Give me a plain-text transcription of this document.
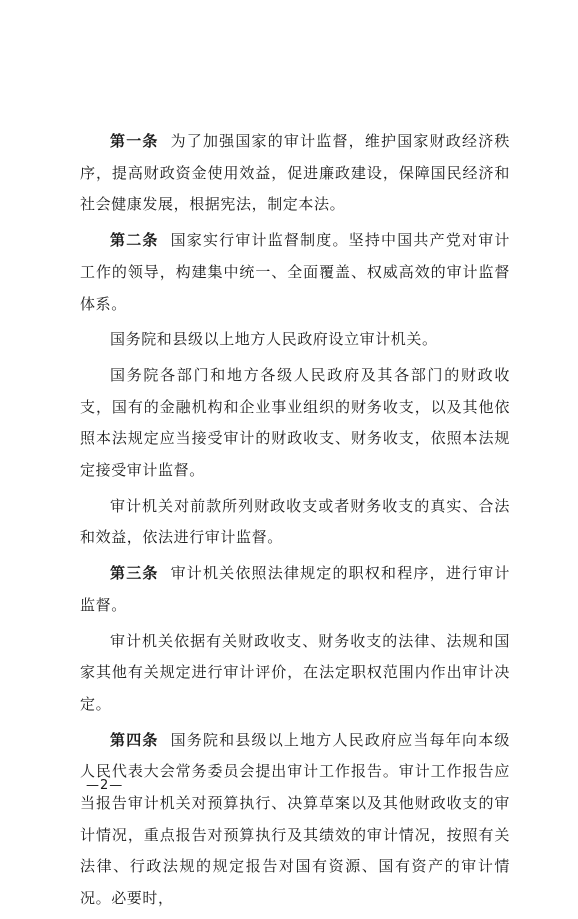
第一条 为了加强国家的审计监督，维护国家财政经济秩序，提高财政资金使用效益，促进廉政建设，保障国民经济和社会健康发展，根据宪法，制定本法。

第二条 国家实行审计监督制度。坚持中国共产党对审计工作的领导，构建集中统一、全面覆盖、权威高效的审计监督体系。

国务院和县级以上地方人民政府设立审计机关。

国务院各部门和地方各级人民政府及其各部门的财政收支，国有的金融机构和企业事业组织的财务收支，以及其他依照本法规定应当接受审计的财政收支、财务收支，依照本法规定接受审计监督。

审计机关对前款所列财政收支或者财务收支的真实、合法和效益，依法进行审计监督。

第三条 审计机关依照法律规定的职权和程序，进行审计监督。

审计机关依据有关财政收支、财务收支的法律、法规和国家其他有关规定进行审计评价，在法定职权范围内作出审计决定。

第四条 国务院和县级以上地方人民政府应当每年向本级人民代表大会常务委员会提出审计工作报告。审计工作报告应当报告审计机关对预算执行、决算草案以及其他财政收支的审计情况，重点报告对预算执行及其绩效的审计情况，按照有关法律、行政法规的规定报告对国有资源、国有资产的审计情况。必要时，

—2—
